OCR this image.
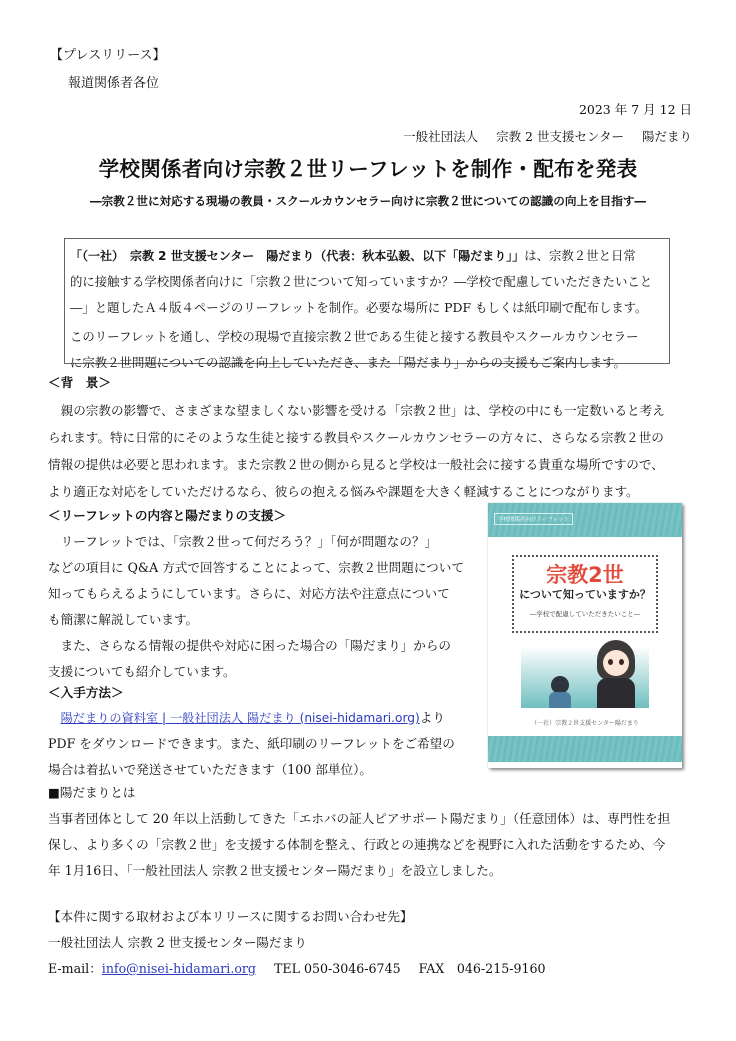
【プレスリリース】
報道関係者各位
2023 年 7 月 12 日
一般社団法人 宗教 2 世支援センター 陽だまり
学校関係者向け宗教２世リーフレットを制作・配布を発表
―宗教２世に対応する現場の教員・スクールカウンセラー向けに宗教２世についての認識の向上を目指す―
「（一社）　宗教 2 世支援センター　陽だまり（代表：秋本弘毅、以下「陽だまり」」は、宗教２世と日常
的に接触する学校関係者向けに「宗教２世について知っていますか？―学校で配慮していただきたいこと
―」と題したＡ４版４ページのリーフレットを制作。必要な場所に PDF もしくは紙印刷で配布します。
このリーフレットを通し、学校の現場で直接宗教２世である生徒と接する教員やスクールカウンセラー
に宗教２世問題についての認識を向上していただき、また「陽だまり」からの支援もご案内します。
＜背　景＞
　親の宗教の影響で、さまざまな望ましくない影響を受ける「宗教２世」は、学校の中にも一定数いると考え
られます。特に日常的にそのような生徒と接する教員やスクールカウンセラーの方々に、さらなる宗教２世の
情報の提供は必要と思われます。また宗教２世の側から見ると学校は一般社会に接する貴重な場所ですので、
より適正な対応をしていただけるなら、彼らの抱える悩みや課題を大きく軽減することにつながります。
＜リーフレットの内容と陽だまりの支援＞
　リーフレットでは、「宗教２世って何だろう？」「何が問題なの？」
などの項目に Q&A 方式で回答することによって、宗教２世問題について
知ってもらえるようにしています。さらに、対応方法や注意点について
も簡潔に解説しています。
　また、さらなる情報の提供や対応に困った場合の「陽だまり」からの
支援についても紹介しています。
学校関係者向けリーフレット
宗教2世
について知っていますか？
―学校で配慮していただきたいこと―
（一社）宗教２世支援センター陽だまり
＜入手方法＞
　陽だまりの資料室 | 一般社団法人 陽だまり (nisei-hidamari.org)より
PDF をダウンロードできます。また、紙印刷のリーフレットをご希望の
場合は着払いで発送させていただきます（100 部単位）。
■陽だまりとは
当事者団体として 20 年以上活動してきた「エホバの証人ピアサポート陽だまり」（任意団体）は、専門性を担
保し、より多くの「宗教２世」を支援する体制を整え、行政との連携などを視野に入れた活動をするため、今
年 1月16日、「一般社団法人 宗教２世支援センター陽だまり」を設立しました。
【本件に関する取材および本リリースに関するお問い合わせ先】
一般社団法人 宗教 2 世支援センター陽だまり
E-mail：info@nisei-hidamari.org TEL 050-3046-6745 FAX　046-215-9160
